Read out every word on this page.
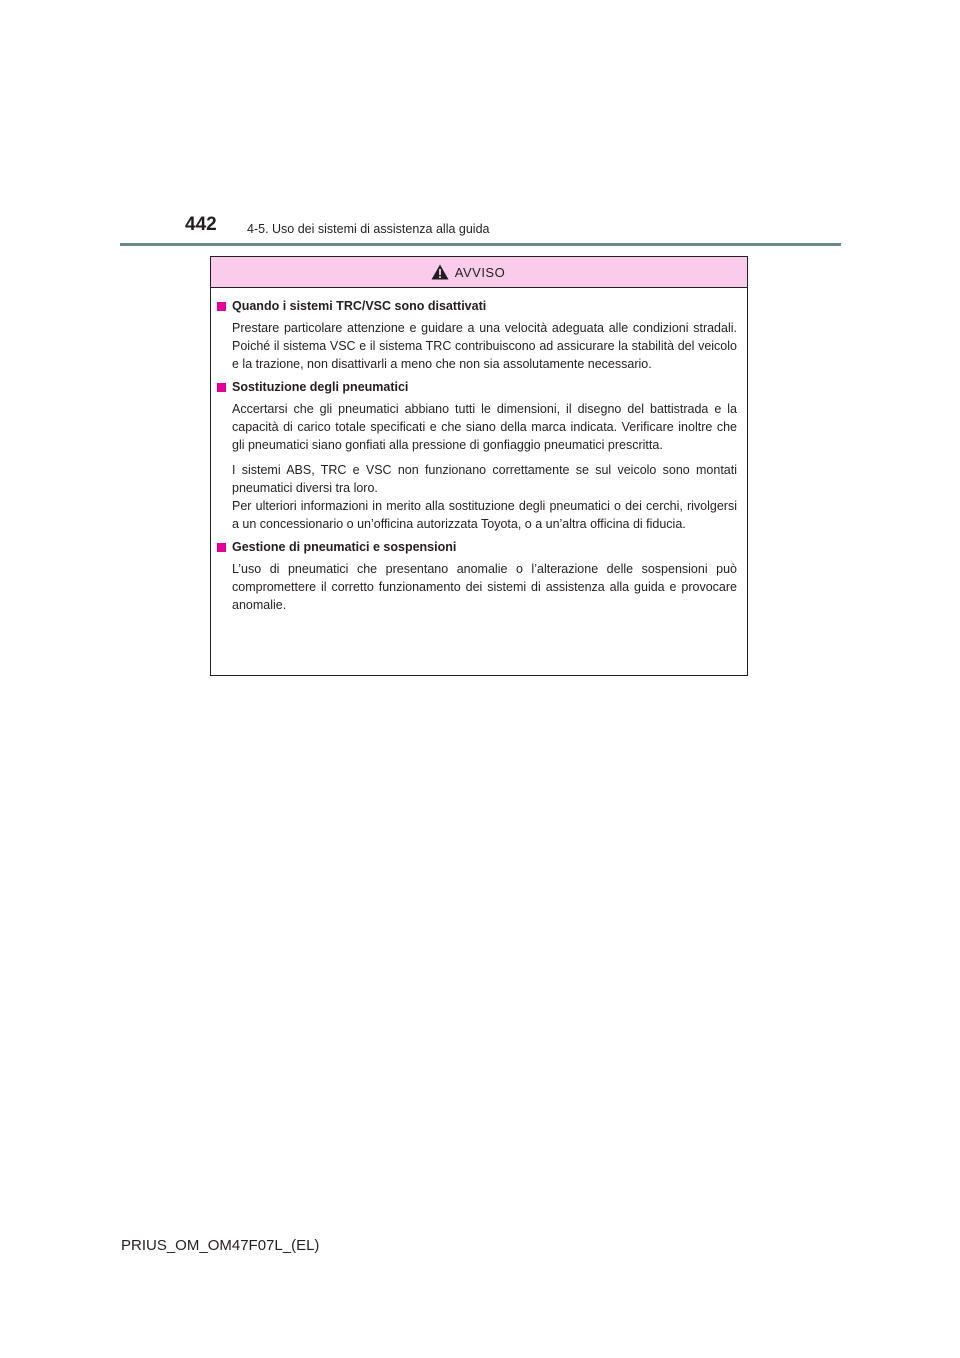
442 4-5. Uso dei sistemi di assistenza alla guida
AVVISO
Quando i sistemi TRC/VSC sono disattivati

Prestare particolare attenzione e guidare a una velocità adeguata alle condizioni stradali. Poiché il sistema VSC e il sistema TRC contribuiscono ad assicurare la stabilità del veicolo e la trazione, non disattivarli a meno che non sia assolutamente necessario.

Sostituzione degli pneumatici

Accertarsi che gli pneumatici abbiano tutti le dimensioni, il disegno del battistrada e la capacità di carico totale specificati e che siano della marca indicata. Verificare inoltre che gli pneumatici siano gonfiati alla pressione di gonfiaggio pneumatici prescritta.

I sistemi ABS, TRC e VSC non funzionano correttamente se sul veicolo sono montati pneumatici diversi tra loro.

Per ulteriori informazioni in merito alla sostituzione degli pneumatici o dei cerchi, rivolgersi a un concessionario o un’officina autorizzata Toyota, o a un’altra officina di fiducia.

Gestione di pneumatici e sospensioni

L’uso di pneumatici che presentano anomalie o l’alterazione delle sospensioni può compromettere il corretto funzionamento dei sistemi di assistenza alla guida e provocare anomalie.

PRIUS_OM_OM47F07L_(EL)
